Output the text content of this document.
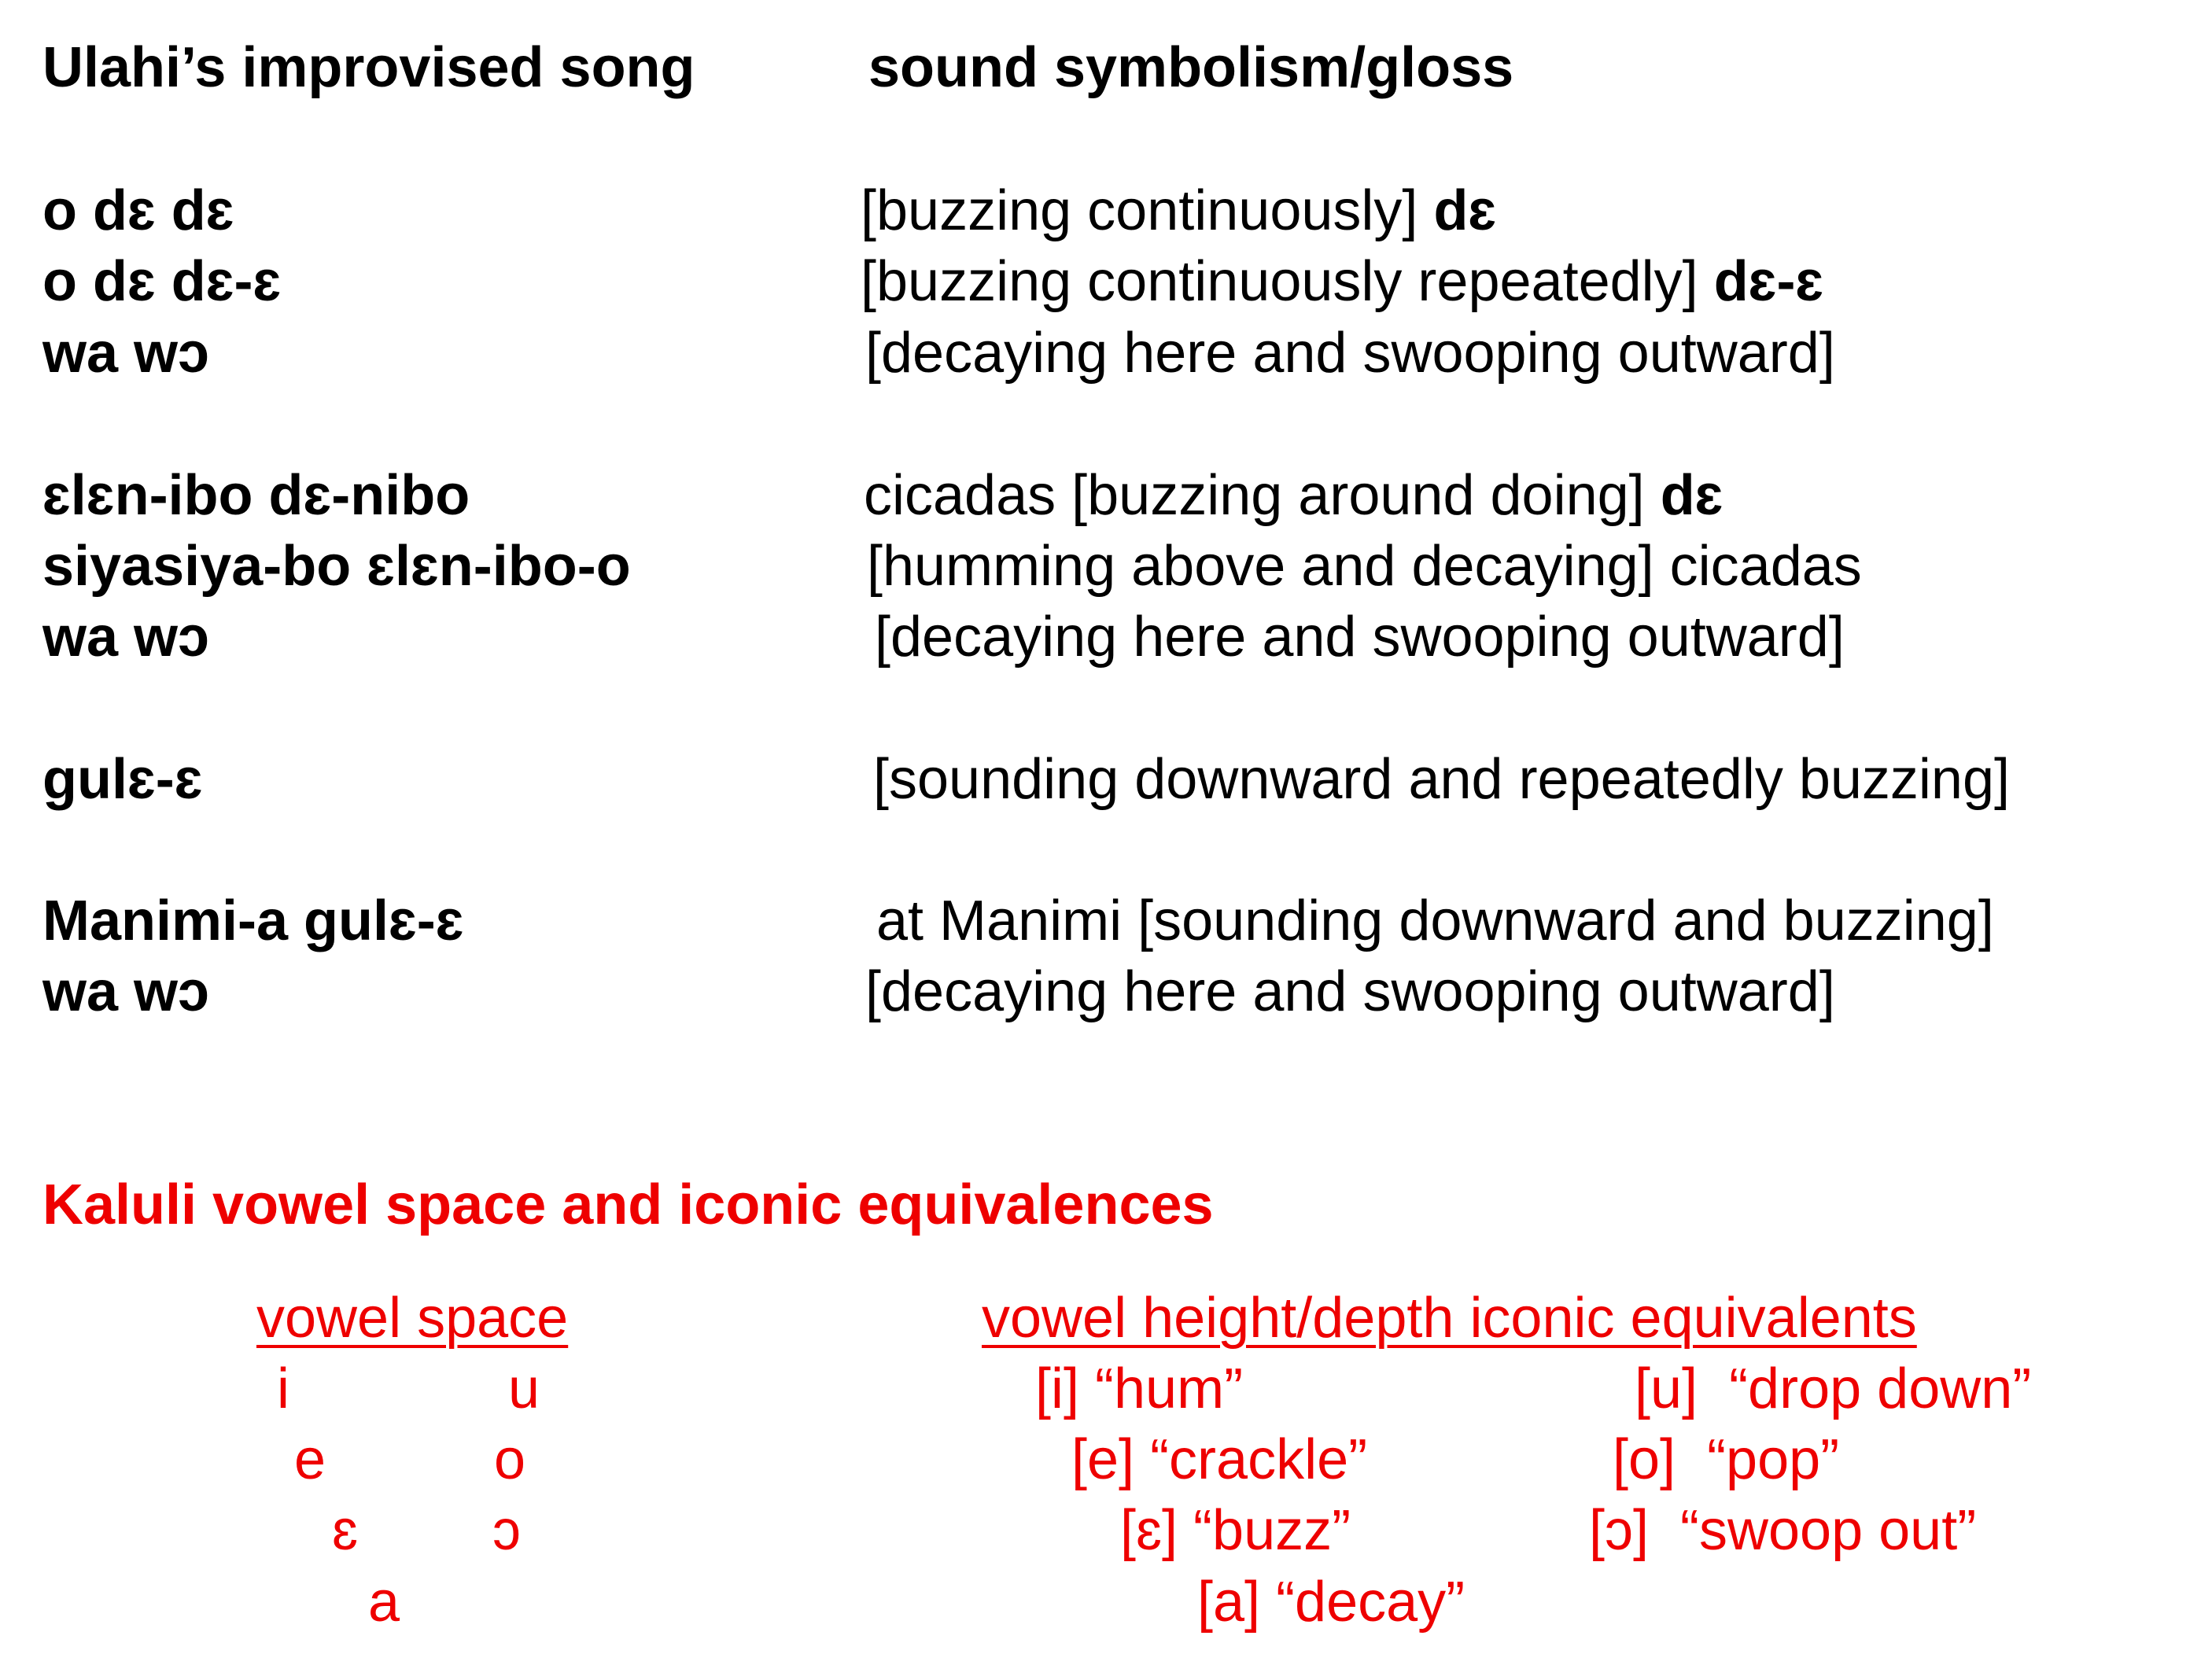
Ulahi’s improvised song	sound symbolism/gloss
o dɛ dɛ	[buzzing continuously] dɛ
o dɛ dɛ-ɛ	[buzzing continuously repeatedly] dɛ-ɛ
wa wɔ	[decaying here and swooping outward]
ɛlɛn-ibo dɛ-nibo	cicadas [buzzing around doing] dɛ
siyasiya-bo ɛlɛn-ibo-o	[humming above and decaying] cicadas
wa wɔ	[decaying here and swooping outward]
gulɛ-ɛ	[sounding downward and repeatedly buzzing]
Manimi-a gulɛ-ɛ	at Manimi [sounding downward and buzzing]
wa wɔ	[decaying here and swooping outward]
Kaluli vowel space and iconic equivalences
vowel space
i	u
e	o
ɛ ɔ
a
vowel height/depth iconic equivalents
[i] “hum”	[u] “drop down”
[e] “crackle”	[o] “pop”
[ɛ] “buzz”	[ɔ] “swoop out”
[a] “decay”
